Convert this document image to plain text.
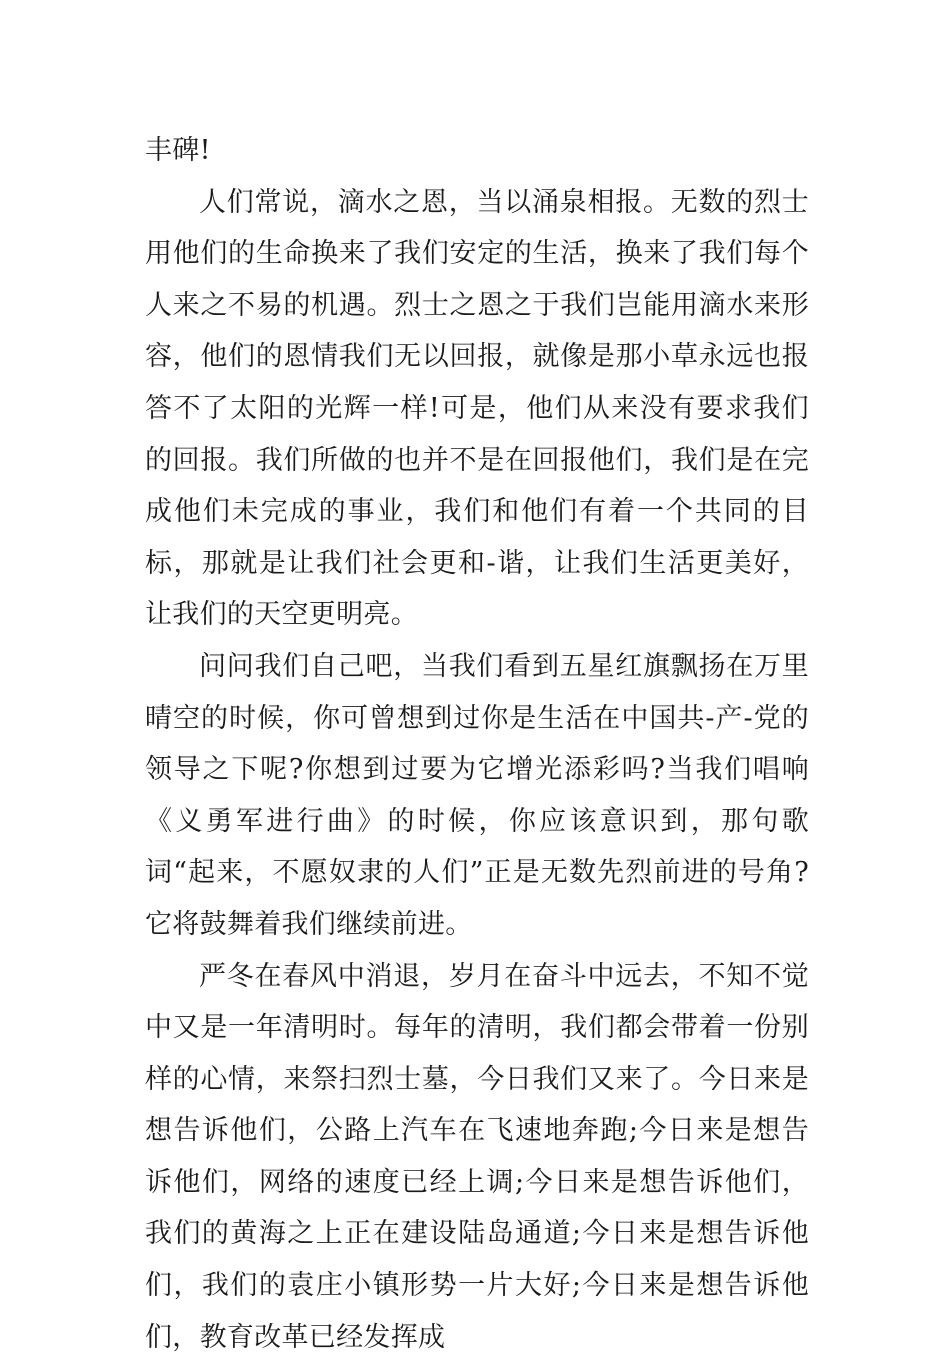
丰碑!

人们常说，滴水之恩，当以涌泉相报。无数的烈士用他们的生命换来了我们安定的生活，换来了我们每个人来之不易的机遇。烈士之恩之于我们岂能用滴水来形容，他们的恩情我们无以回报，就像是那小草永远也报答不了太阳的光辉一样!可是，他们从来没有要求我们的回报。我们所做的也并不是在回报他们，我们是在完成他们未完成的事业，我们和他们有着一个共同的目标，那就是让我们社会更和-谐，让我们生活更美好，让我们的天空更明亮。

问问我们自己吧，当我们看到五星红旗飘扬在万里晴空的时候，你可曾想到过你是生活在中国共-产-党的领导之下呢?你想到过要为它增光添彩吗?当我们唱响《义勇军进行曲》的时候，你应该意识到，那句歌词“起来，不愿奴隶的人们”正是无数先烈前进的号角?它将鼓舞着我们继续前进。

严冬在春风中消退，岁月在奋斗中远去，不知不觉中又是一年清明时。每年的清明，我们都会带着一份别样的心情，来祭扫烈士墓，今日我们又来了。今日来是想告诉他们，公路上汽车在飞速地奔跑;今日来是想告诉他们，网络的速度已经上调;今日来是想告诉他们，我们的黄海之上正在建设陆岛通道;今日来是想告诉他们，我们的袁庄小镇形势一片大好;今日来是想告诉他们，教育改革已经发挥成
